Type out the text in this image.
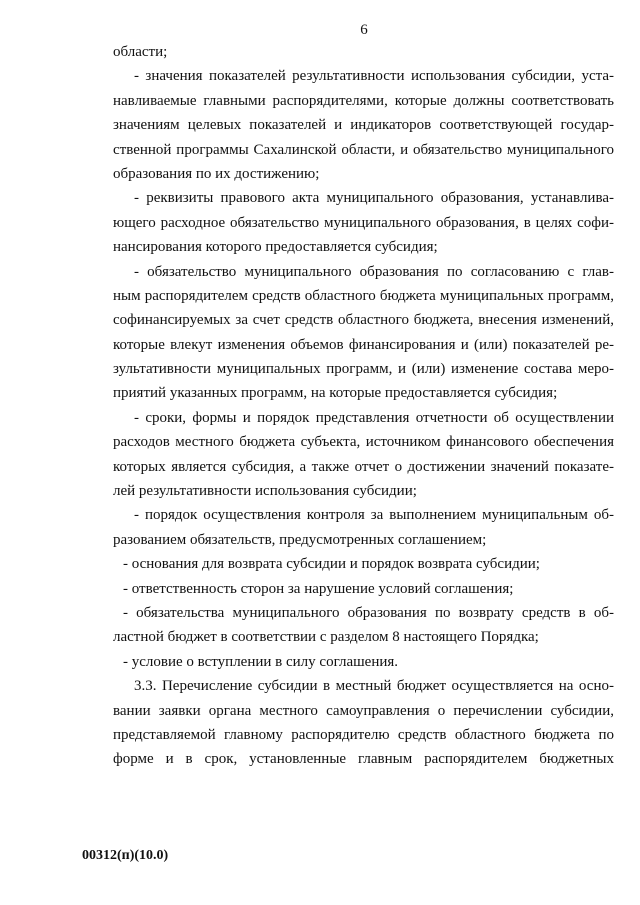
6
области;
- значения показателей результативности использования субсидии, уста-
навливаемые главными распорядителями, которые должны соответствовать
значениям целевых показателей и индикаторов соответствующей государ-
ственной программы Сахалинской области, и обязательство муниципального
образования по их достижению;
- реквизиты правового акта муниципального образования, устанавлива-
ющего расходное обязательство муниципального образования, в целях софи-
нансирования которого предоставляется субсидия;
- обязательство муниципального образования по согласованию с глав-
ным распорядителем средств областного бюджета муниципальных программ,
софинансируемых за счет средств областного бюджета, внесения изменений,
которые влекут изменения объемов финансирования и (или) показателей ре-
зультативности муниципальных программ, и (или) изменение состава меро-
приятий указанных программ, на которые предоставляется субсидия;
- сроки, формы и порядок представления отчетности об осуществлении
расходов местного бюджета субъекта, источником финансового обеспечения
которых является субсидия, а также отчет о достижении значений показате-
лей результативности использования субсидии;
- порядок осуществления контроля за выполнением муниципальным об-
разованием обязательств, предусмотренных соглашением;
- основания для возврата субсидии и порядок возврата субсидии;
- ответственность сторон за нарушение условий соглашения;
- обязательства муниципального образования по возврату средств в об-
ластной бюджет в соответствии с разделом 8 настоящего Порядка;
- условие о вступлении в силу соглашения.
3.3. Перечисление субсидии в местный бюджет осуществляется на осно-
вании заявки органа местного самоуправления о перечислении субсидии,
представляемой главному распорядителю средств областного бюджета по
форме и в срок, установленные главным распорядителем бюджетных
00312(п)(10.0)
